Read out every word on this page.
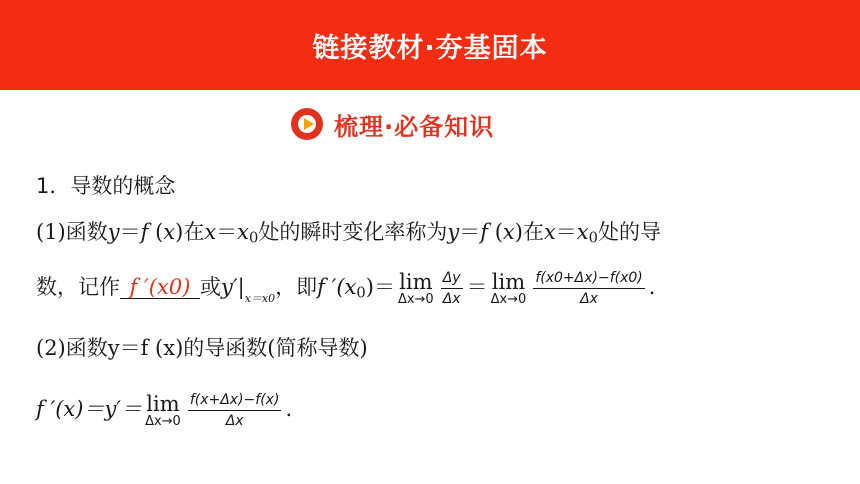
链接教材·夯基固本
梳理·必备知识
1．导数的概念
(1)函数y＝f (x)在$x=x_0$处的瞬时变化率称为y＝f (x)在$x=x_0$处的导
数，记作 f ′(x0) 或$y'|_{x=x0}$，即f $'(x_0)= \lim$
$\Delta x\to 0 \frac{\Delta y}{\Delta x} = \lim$
$\Delta x\to 0 \frac{f(x0+\Delta x)-f(x0)}{\Delta x}$ .
(2)函数y＝f (x)的导函数(简称导数)
f ′(x)＝y′＝ lim
$\Delta x\to 0 \frac{f(x+\Delta x)-f(x)}{\Delta x}$ .
